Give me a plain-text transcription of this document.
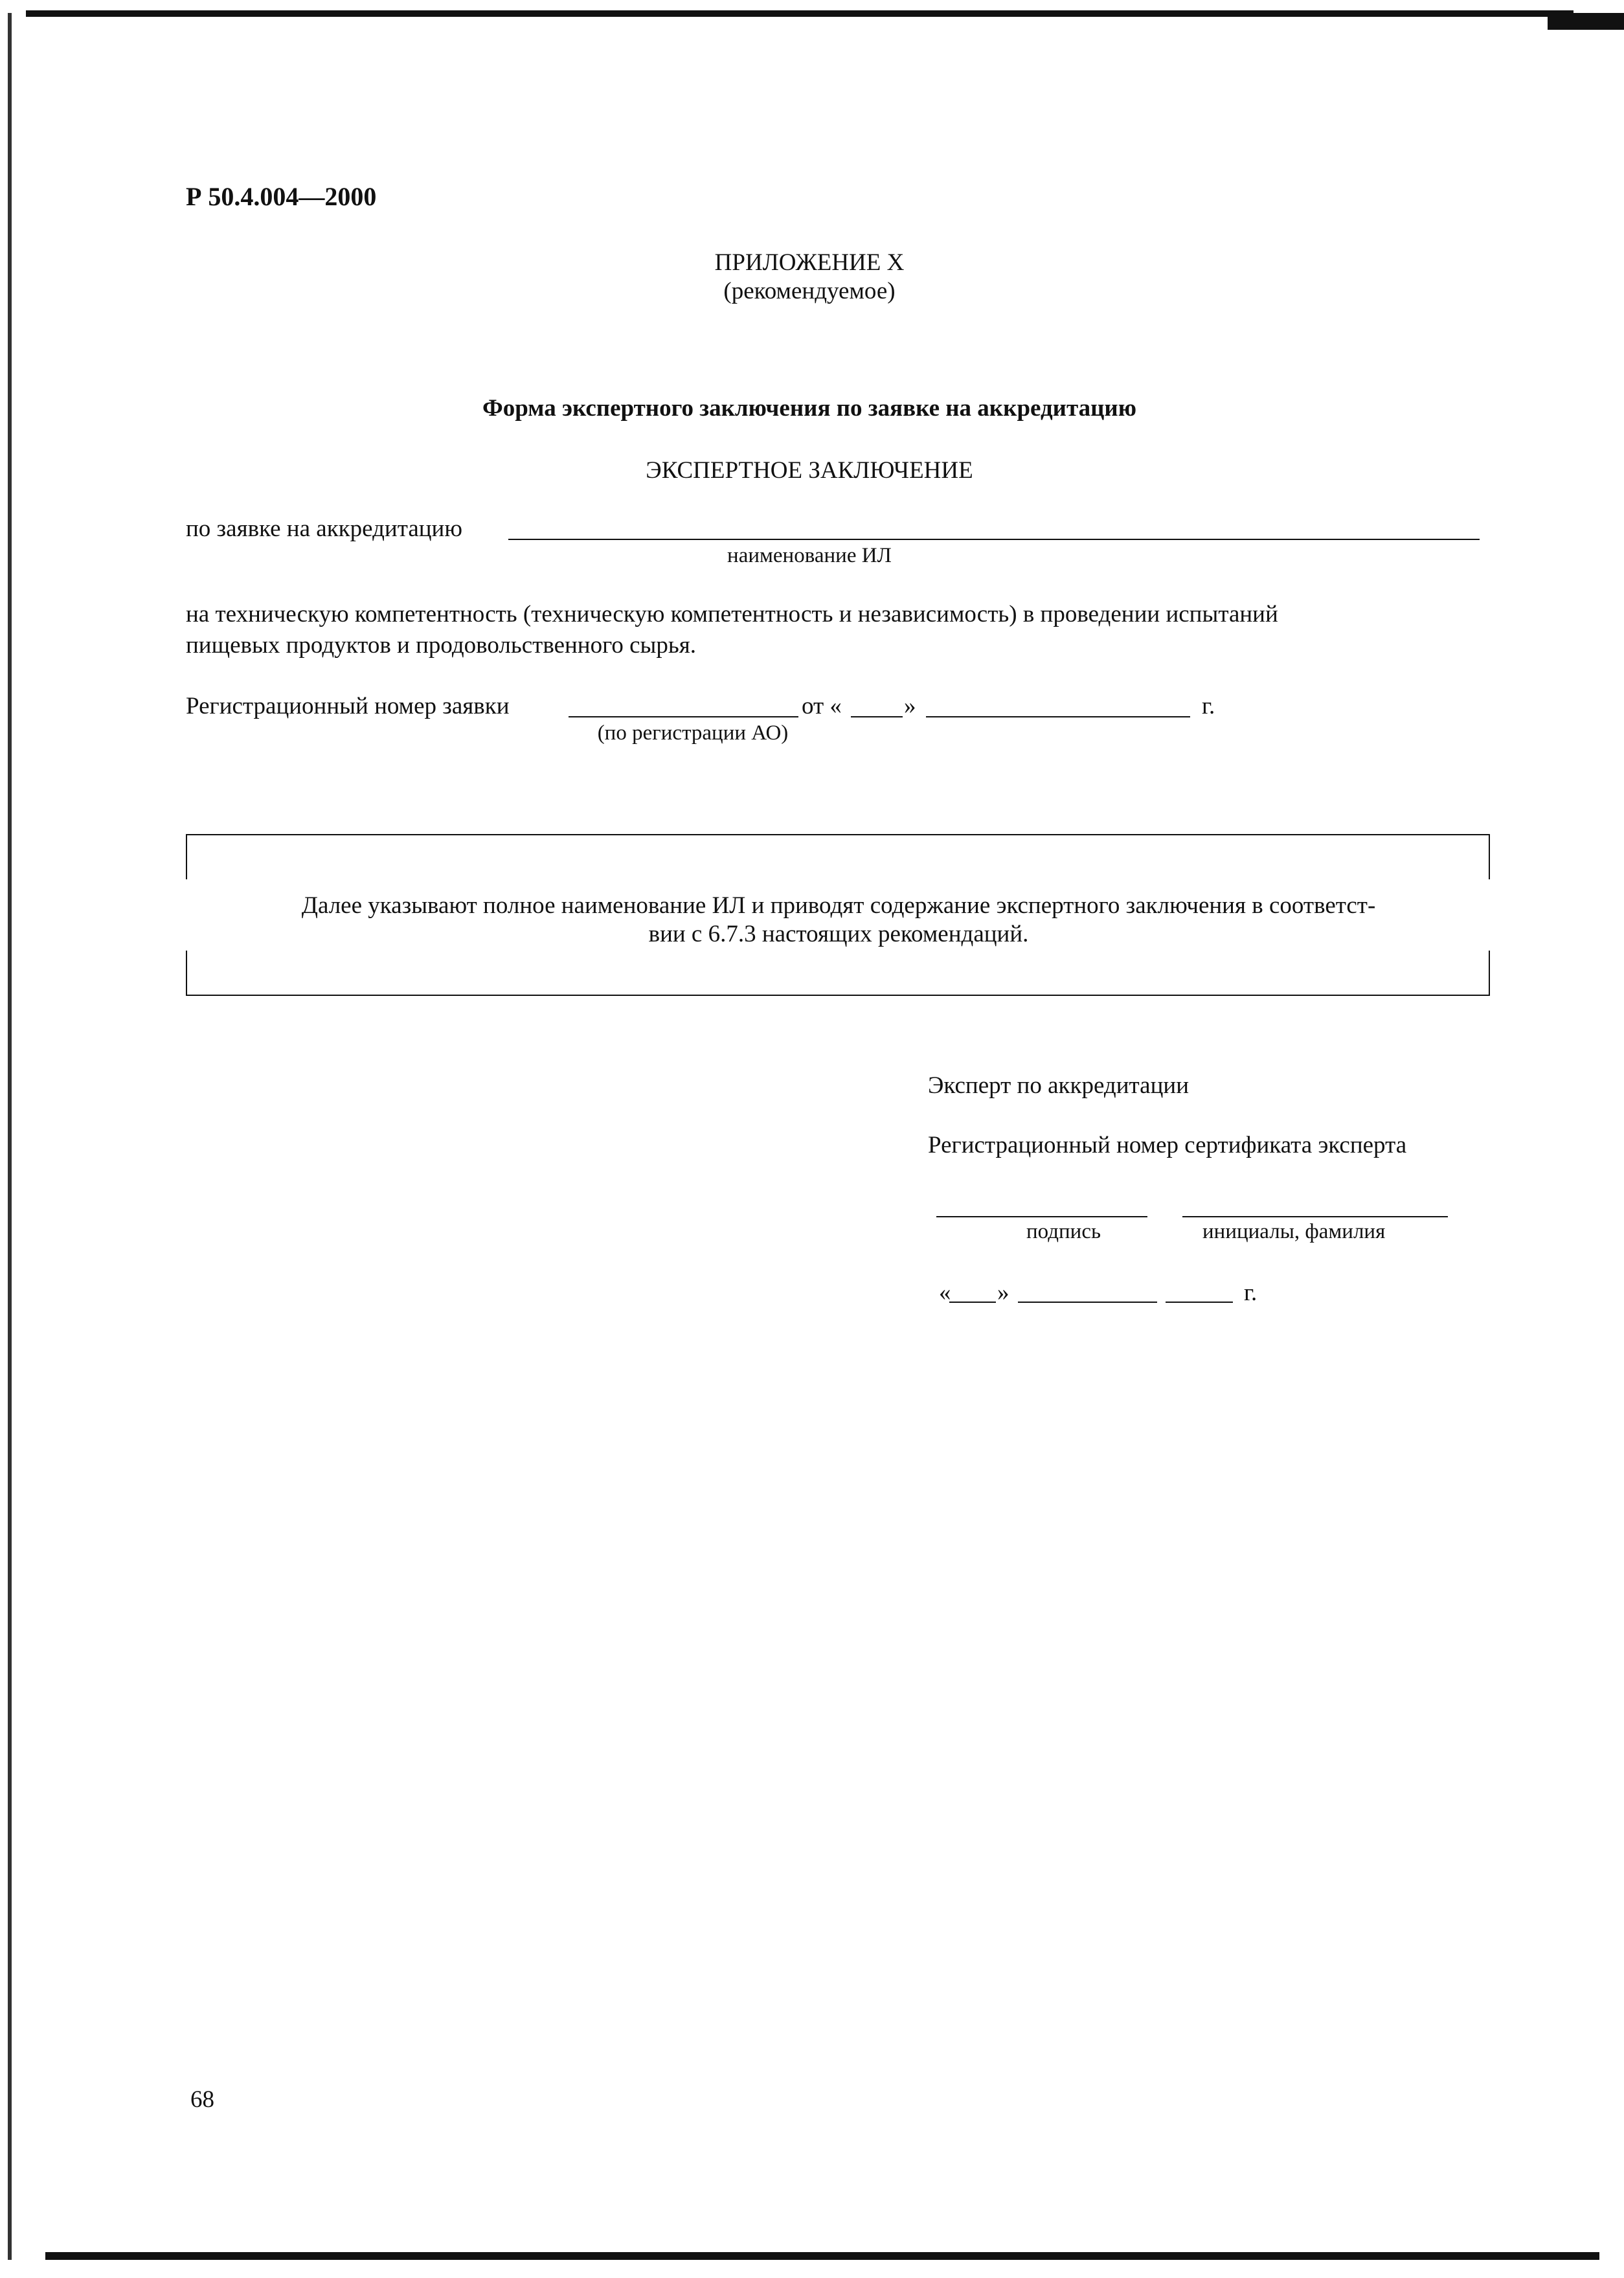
Р 50.4.004—2000
ПРИЛОЖЕНИЕ Х
(рекомендуемое)
Форма экспертного заключения по заявке на аккредитацию
ЭКСПЕРТНОЕ ЗАКЛЮЧЕНИЕ
по заявке на аккредитацию
наименование ИЛ
на техническую компетентность (техническую компетентность и независимость) в проведении испытаний
пищевых продуктов и продовольственного сырья.
Регистрационный номер заявки	от «	»	г.
(по регистрации АО)
Далее указывают полное наименование ИЛ и приводят содержание экспертного заключения в соответст-
вии с 6.7.3 настоящих рекомендаций.
Эксперт по аккредитации
Регистрационный номер сертификата эксперта
подпись	инициалы, фамилия
« »	г.
68
